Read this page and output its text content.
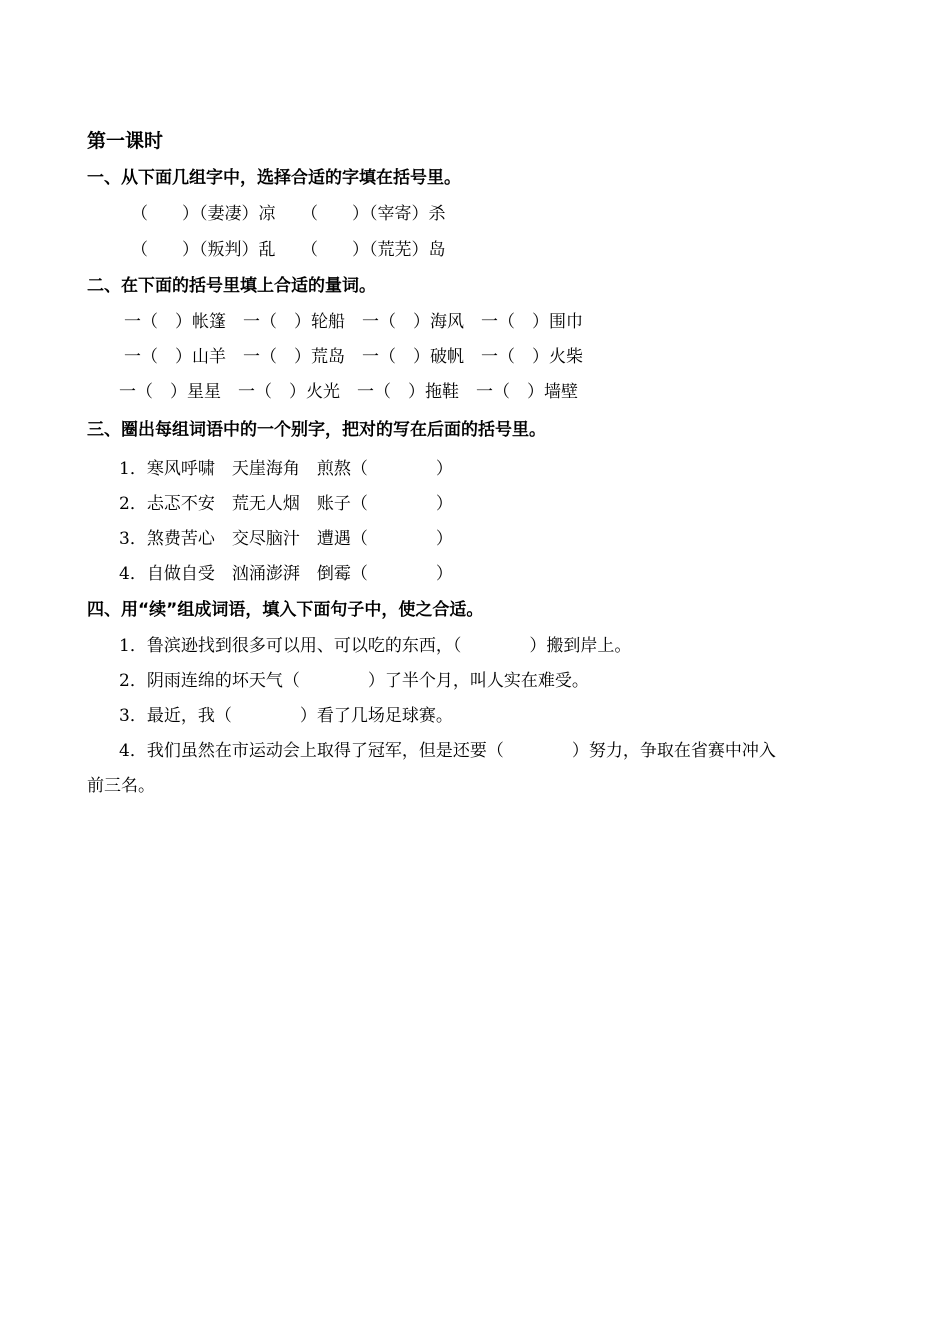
第一课时
一、从下面几组字中，选择合适的字填在括号里。

（　　）（妻凄）凉　　（　　）（宰寄）杀

（　　）（叛判）乱　　（　　）（荒芜）岛

二、在下面的括号里填上合适的量词。

一（　）帐篷　一（　）轮船　一（　）海风　一（　）围巾

一（　）山羊　一（　）荒岛　一（　）破帆　一（　）火柴

一（　）星星　一（　）火光　一（　）拖鞋　一（　）墙壁

三、圈出每组词语中的一个别字，把对的写在后面的括号里。

1．寒风呼啸　天崖海角　煎熬（　　　　）

2．忐忑不安　荒无人烟　账子（　　　　）

3．煞费苦心　交尽脑汁　遭遇（　　　　）

4．自做自受　汹涌澎湃　倒霉（　　　　）

四、用“续”组成词语，填入下面句子中，使之合适。

1．鲁滨逊找到很多可以用、可以吃的东西，（　　　　）搬到岸上。

2．阴雨连绵的坏天气（　　　　）了半个月，叫人实在难受。

3．最近，我（　　　　）看了几场足球赛。

4．我们虽然在市运动会上取得了冠军，但是还要（　　　　）努力，争取在省赛中冲入

前三名。
